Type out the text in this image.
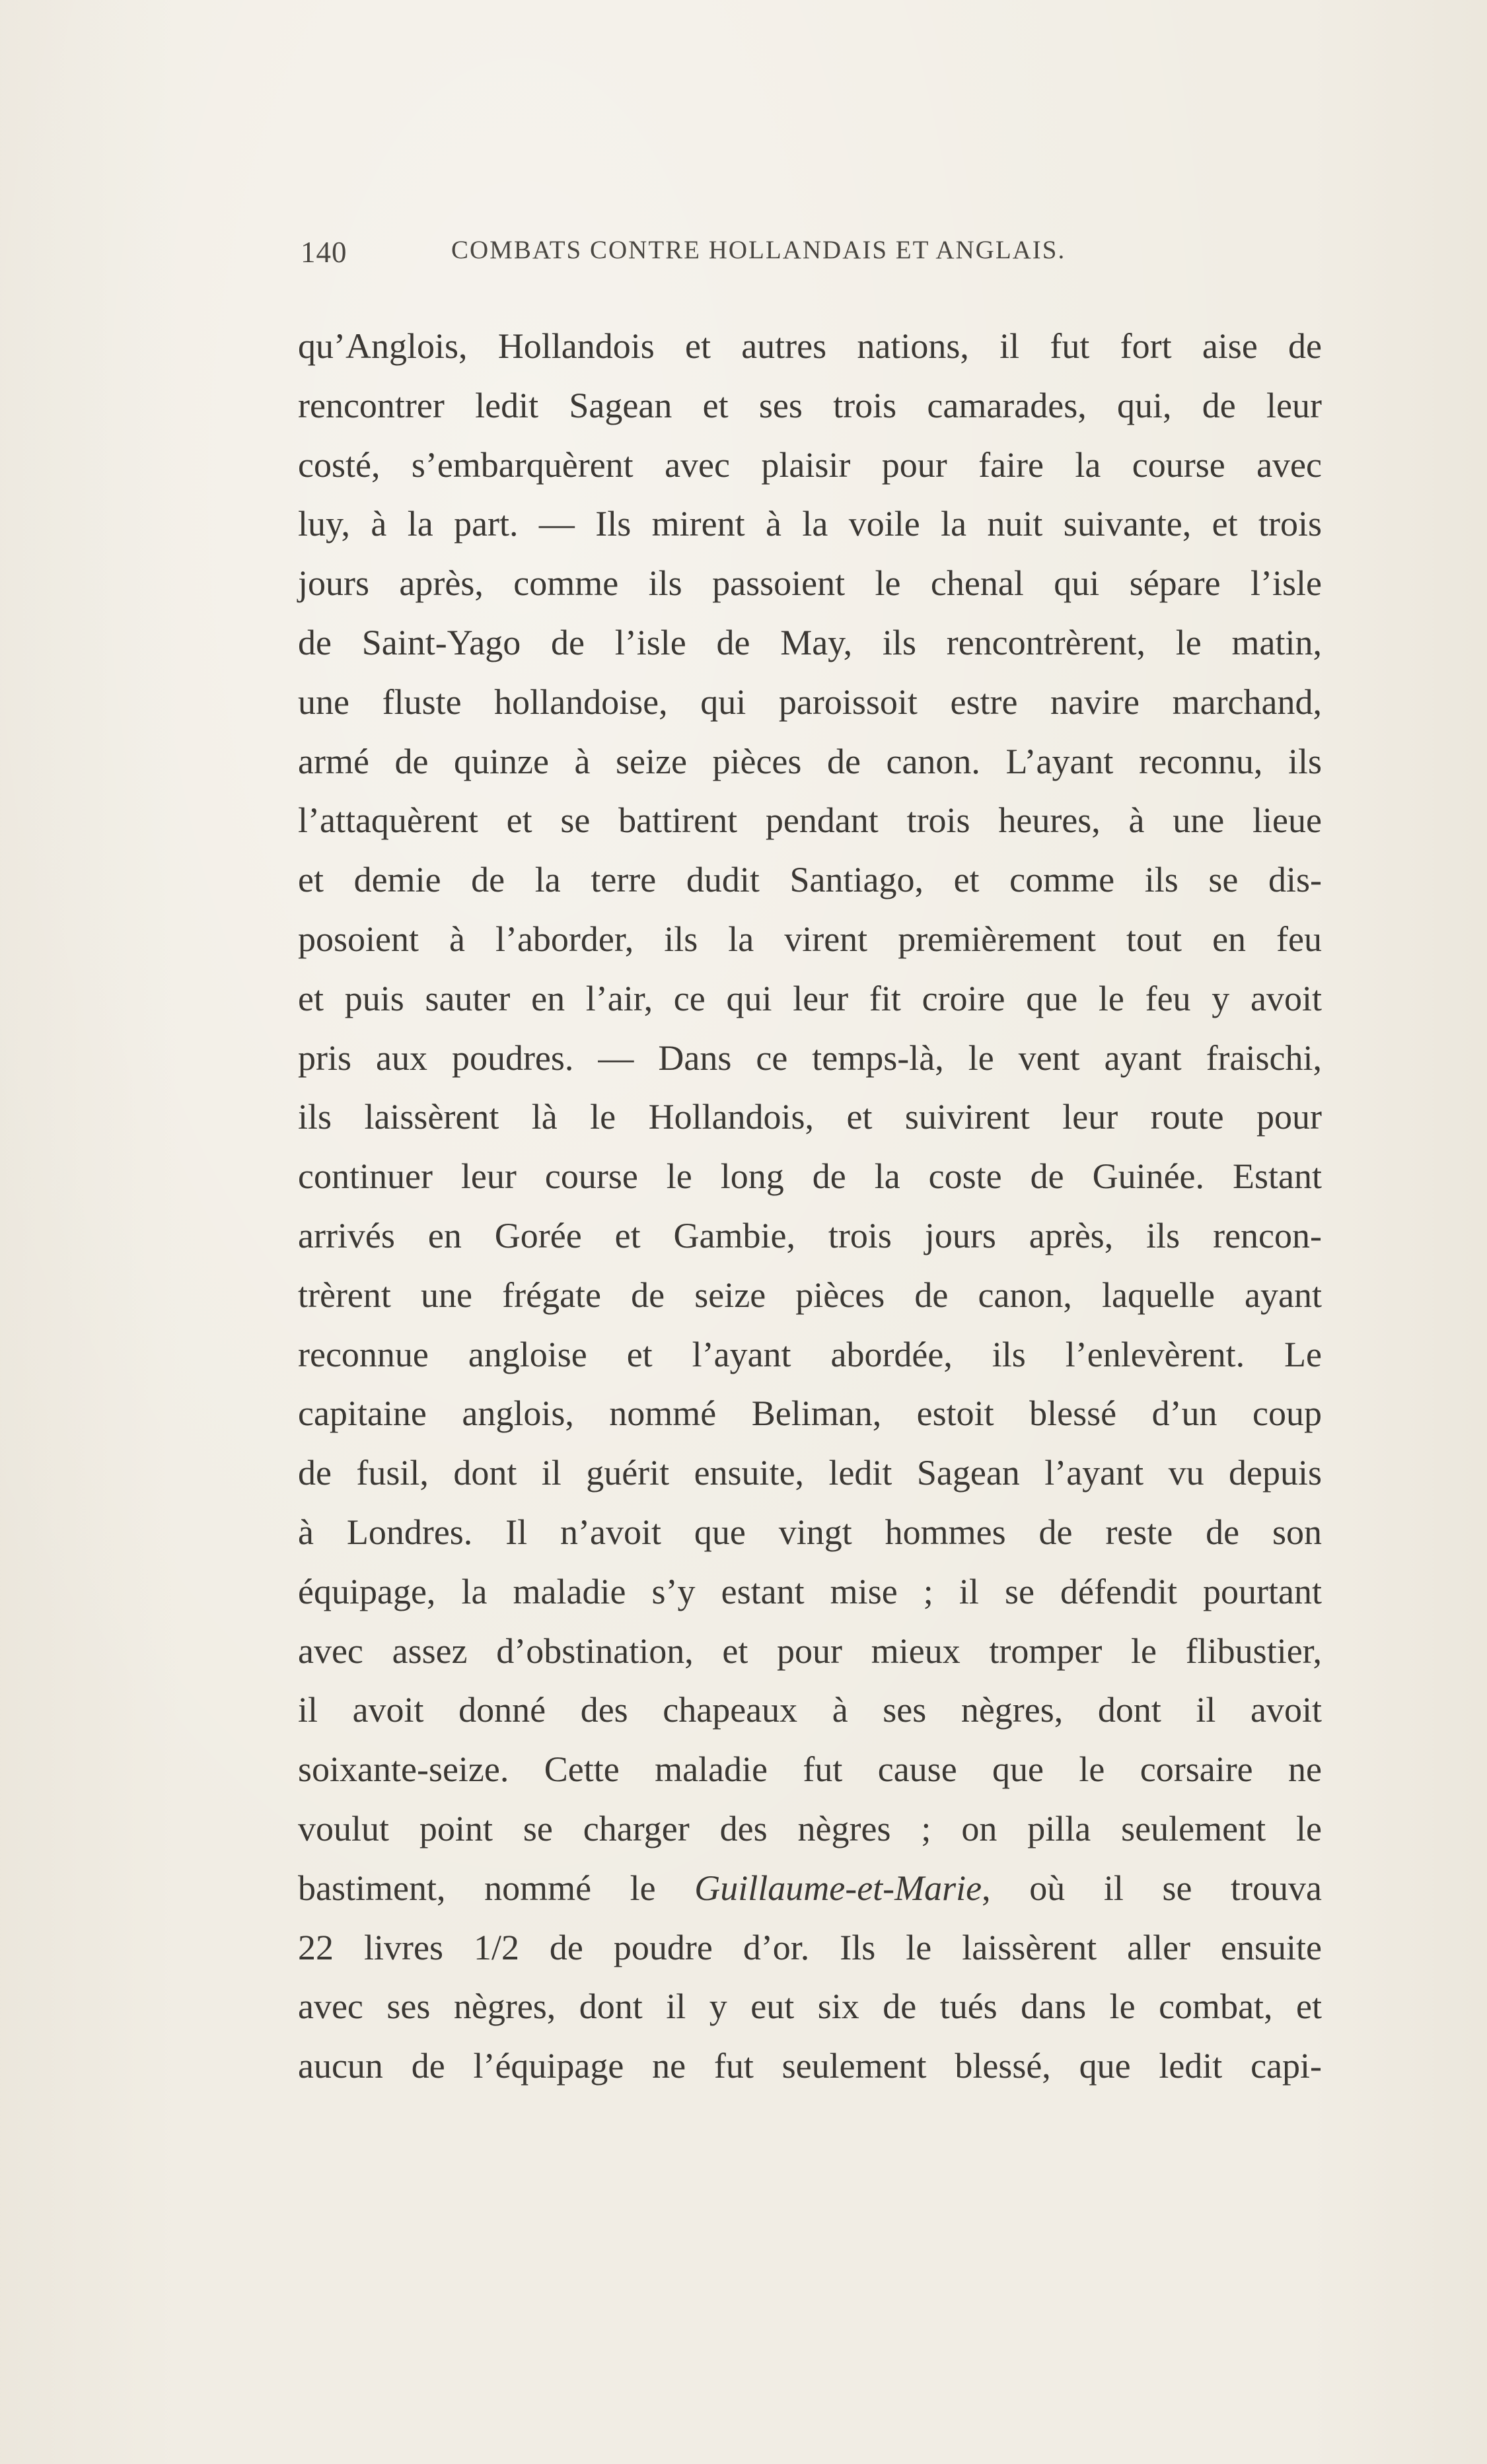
140	COMBATS CONTRE HOLLANDAIS ET ANGLAIS.
qu’Anglois, Hollandois et autres nations, il fut fort aise de
rencontrer ledit Sagean et ses trois camarades, qui, de leur
costé, s’embarquèrent avec plaisir pour faire la course avec
luy, à la part. — Ils mirent à la voile la nuit suivante, et trois
jours après, comme ils passoient le chenal qui sépare l’isle
de Saint-Yago de l’isle de May, ils rencontrèrent, le matin,
une fluste hollandoise, qui paroissoit estre navire marchand,
armé de quinze à seize pièces de canon. L’ayant reconnu, ils
l’attaquèrent et se battirent pendant trois heures, à une lieue
et demie de la terre dudit Santiago, et comme ils se dis-
posoient à l’aborder, ils la virent premièrement tout en feu
et puis sauter en l’air, ce qui leur fit croire que le feu y avoit
pris aux poudres. — Dans ce temps-là, le vent ayant fraischi,
ils laissèrent là le Hollandois, et suivirent leur route pour
continuer leur course le long de la coste de Guinée. Estant
arrivés en Gorée et Gambie, trois jours après, ils rencon-
trèrent une frégate de seize pièces de canon, laquelle ayant
reconnue angloise et l’ayant abordée, ils l’enlevèrent. Le
capitaine anglois, nommé Beliman, estoit blessé d’un coup
de fusil, dont il guérit ensuite, ledit Sagean l’ayant vu depuis
à Londres. Il n’avoit que vingt hommes de reste de son
équipage, la maladie s’y estant mise ; il se défendit pourtant
avec assez d’obstination, et pour mieux tromper le flibustier,
il avoit donné des chapeaux à ses nègres, dont il avoit
soixante-seize. Cette maladie fut cause que le corsaire ne
voulut point se charger des nègres ; on pilla seulement le
bastiment, nommé le Guillaume-et-Marie, où il se trouva
22 livres 1/2 de poudre d’or. Ils le laissèrent aller ensuite
avec ses nègres, dont il y eut six de tués dans le combat, et
aucun de l’équipage ne fut seulement blessé, que ledit capi-
